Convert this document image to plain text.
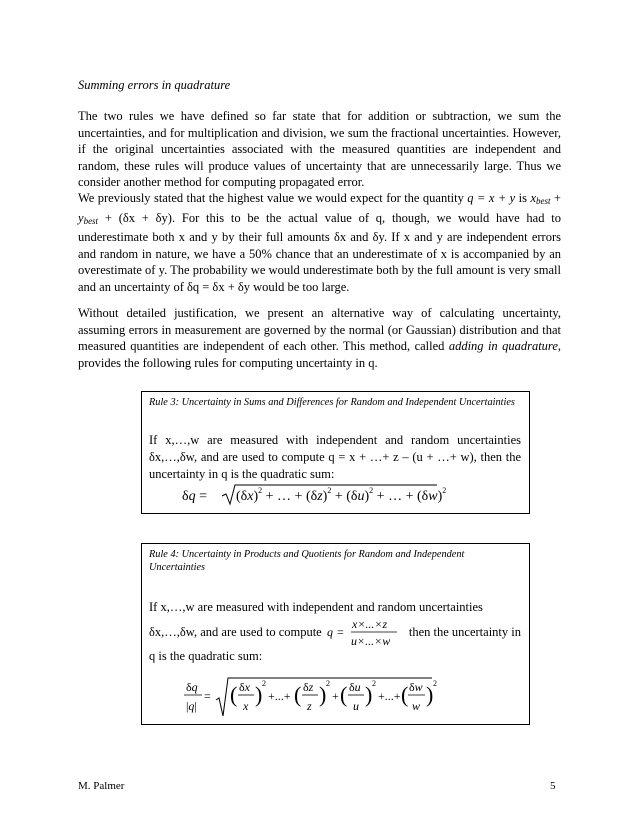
Summing errors in quadrature

The two rules we have defined so far state that for addition or subtraction, we sum the uncertainties, and for multiplication and division, we sum the fractional uncertainties. However, if the original uncertainties associated with the measured quantities are independent and random, these rules will produce values of uncertainty that are unnecessarily large. Thus we consider another method for computing propagated error.

We previously stated that the highest value we would expect for the quantity q = x + y is $x_{best} + y_{best} + (\delta x + \delta y)$. For this to be the actual value of q, though, we would have had to underestimate both x and y by their full amounts δx and δy. If x and y are independent errors and random in nature, we have a 50% chance that an underestimate of x is accompanied by an overestimate of y. The probability we would underestimate both by the full amount is very small and an uncertainty of δq = δx + δy would be too large.

Without detailed justification, we present an alternative way of calculating uncertainty, assuming errors in measurement are governed by the normal (or Gaussian) distribution and that measured quantities are independent of each other. This method, called adding in quadrature, provides the following rules for computing uncertainty in q.

Rule 3: Uncertainty in Sums and Differences for Random and Independent Uncertainties

If x,…,w are measured with independent and random uncertainties δx,…,δw, and are used to compute q = x + …+ z – (u + …+ w), then the uncertainty in q is the quadratic sum:

$\delta q = (\delta x)^2$ + … + $(\delta z)^2 + (\delta u)^2$ + … + $(\delta w)^2$
Rule 4: Uncertainty in Products and Quotients for Random and Independent Uncertainties
If x,…,w are measured with independent and random uncertainties
δx,…,δw, and are used to compute q =
x×...×z
u×...×w
then the uncertainty in
q is the quadratic sum:
δq
|q|
= ( δx
x ) 2
+...+ ( δz
z ) 2
+ ( δu
u ) 2
+...+ ( δw
w ) 2
M. Palmer	5
